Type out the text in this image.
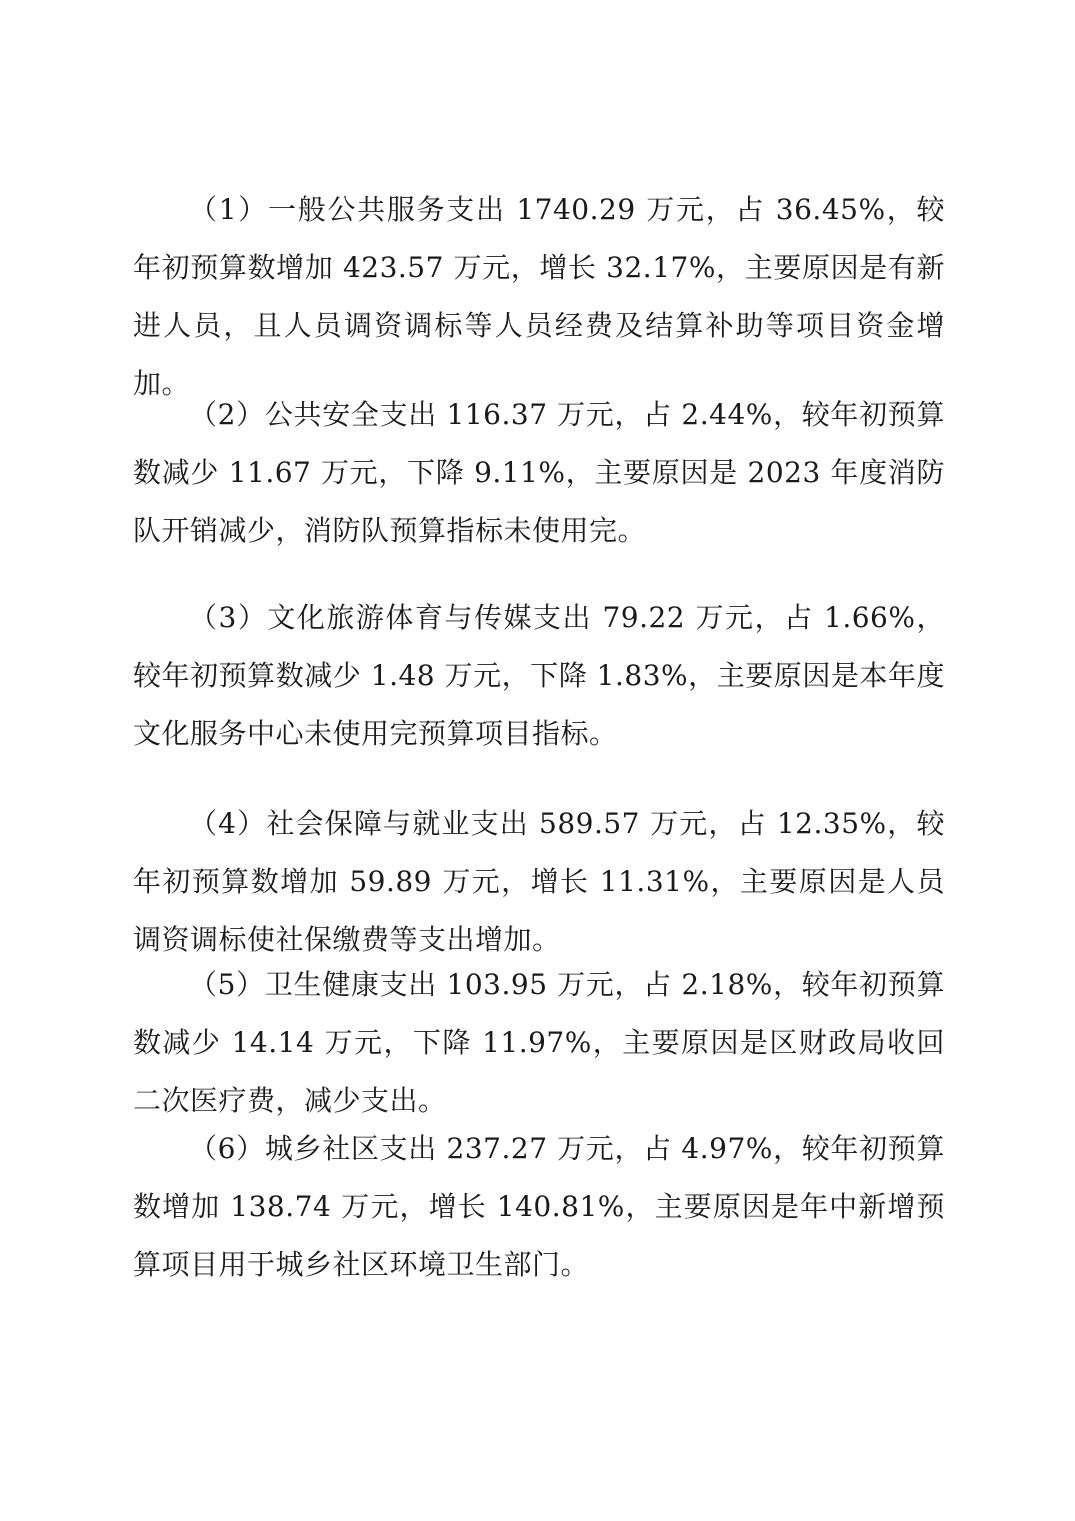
（1）一般公共服务支出 1740.29 万元，占 36.45%，较年初预算数增加 423.57 万元，增长 32.17%，主要原因是有新进人员，且人员调资调标等人员经费及结算补助等项目资金增加。

（2）公共安全支出 116.37 万元，占 2.44%，较年初预算数减少 11.67 万元，下降 9.11%，主要原因是 2023 年度消防队开销减少，消防队预算指标未使用完。

（3）文化旅游体育与传媒支出 79.22 万元，占 1.66%，较年初预算数减少 1.48 万元，下降 1.83%，主要原因是本年度文化服务中心未使用完预算项目指标。

（4）社会保障与就业支出 589.57 万元，占 12.35%，较年初预算数增加 59.89 万元，增长 11.31%，主要原因是人员调资调标使社保缴费等支出增加。

（5）卫生健康支出 103.95 万元，占 2.18%，较年初预算数减少 14.14 万元，下降 11.97%，主要原因是区财政局收回二次医疗费，减少支出。

（6）城乡社区支出 237.27 万元，占 4.97%，较年初预算数增加 138.74 万元，增长 140.81%，主要原因是年中新增预算项目用于城乡社区环境卫生部门。
